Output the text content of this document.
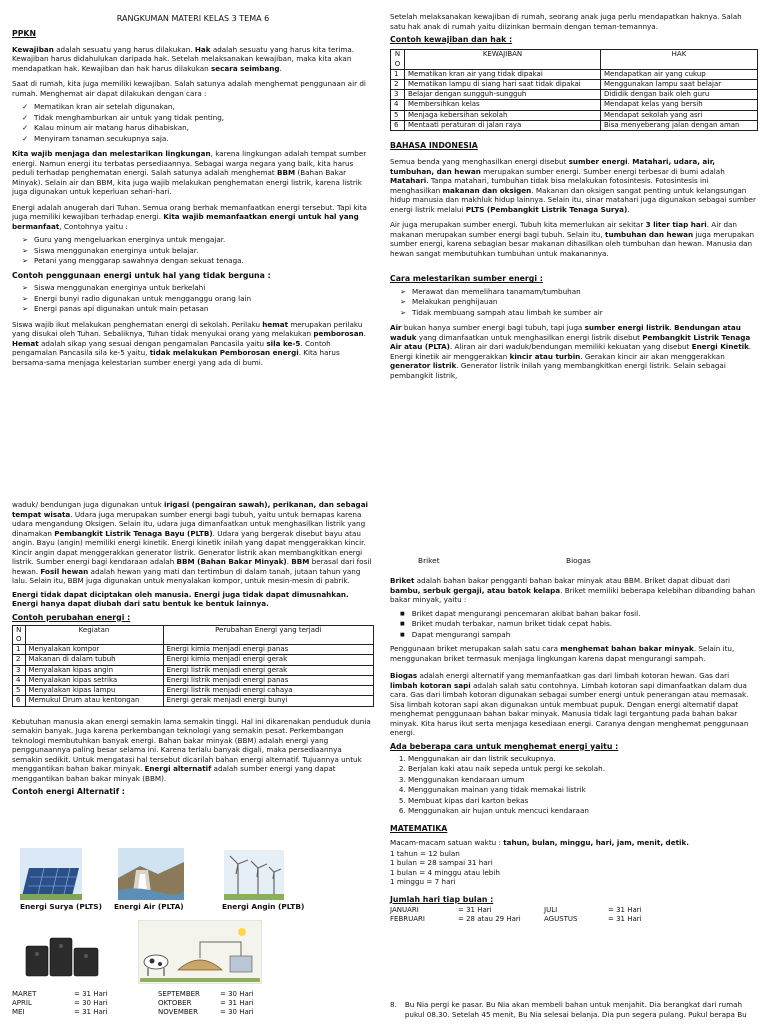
RANGKUMAN MATERI KELAS 3 TEMA 6
PPKN

Kewajiban adalah sesuatu yang harus dilakukan. Hak adalah sesuatu yang harus kita terima. Kewajiban harus didahulukan daripada hak. Setelah melaksanakan kewajiban, maka kita akan mendapatkan hak. Kewajiban dan hak harus dilakukan secara seimbang.

Saat di rumah, kita juga memiliki kewajiban. Salah satunya adalah menghemat penggunaan air di rumah. Menghemat air dapat dilakukan dengan cara :

✓ Mematikan kran air setelah digunakan,
✓ Tidak menghamburkan air untuk yang tidak penting,
✓ Kalau minum air matang harus dihabiskan,
✓ Menyiram tanaman secukupnya saja.

Kita wajib menjaga dan melestarikan lingkungan, karena lingkungan adalah tempat sumber energi. Namun energi itu terbatas persediaannya. Sebagai warga negara yang baik, kita harus peduli terhadap penghematan energi. Salah satunya adalah menghemat BBM (Bahan Bakar Minyak). Selain air dan BBM, kita juga wajib melakukan penghematan energi listrik, karena listrik juga digunakan untuk keperluan sehari-hari.

Energi adalah anugerah dari Tuhan. Semua orang berhak memanfaatkan energi tersebut. Tapi kita juga memiliki kewajiban terhadap energi. Kita wajib memanfaatkan energi untuk hal yang bermanfaat, Contohnya yaitu :

➢ Guru yang mengeluarkan energinya untuk mengajar.
➢ Siswa menggunakan energinya untuk belajar.
➢ Petani yang menggarap sawahnya dengan sekuat tenaga.
Contoh penggunaan energi untuk hal yang tidak berguna :
➢ Siswa menggunakan energinya untuk berkelahi
➢ Energi bunyi radio digunakan untuk mengganggu orang lain
➢ Energi panas api digunakan untuk main petasan

Siswa wajib ikut melakukan penghematan energi di sekolah. Perilaku hemat merupakan perilaku yang disukai oleh Tuhan. Sebaliknya, Tuhan tidak menyukai orang yang melakukan pemborosan. Hemat adalah sikap yang sesuai dengan pengamalan Pancasila yaitu sila ke-5. Contoh pengamalan Pancasila sila ke-5 yaitu, tidak melakukan Pemborosan energi. Kita harus bersama-sama menjaga kelestarian sumber energi yang ada di bumi.

Setelah melaksanakan kewajiban di rumah, seorang anak juga perlu mendapatkan haknya. Salah satu hak anak di rumah yaitu diizinkan bermain dengan teman-temannya.

Contoh kewajiban dan hak :
N O	KEWAJIBAN	HAK
1	Mematikan kran air yang tidak dipakai	Mendapatkan air yang cukup
2	Mematikan lampu di siang hari saat tidak dipakai	Menggunakan lampu saat belajar
3	Belajar dengan sungguh-sungguh	Dididik dengan baik oleh guru
4	Membersihkan kelas	Mendapat kelas yang bersih
5	Menjaga kebersihan sekolah	Mendapat sekolah yang asri
6	Mentaati peraturan di jalan raya	Bisa menyeberang jalan dengan aman
BAHASA INDONESIA

Semua benda yang menghasilkan energi disebut sumber energi. Matahari, udara, air, tumbuhan, dan hewan merupakan sumber energi. Sumber energi terbesar di bumi adalah Matahari. Tanpa matahari, tumbuhan tidak bisa melakukan fotosintesis. Fotosintesis ini menghasilkan makanan dan oksigen. Makanan dan oksigen sangat penting untuk kelangsungan hidup manusia dan makhluk hidup lainnya. Selain itu, sinar matahari juga digunakan sebagai sumber energi listrik melalui PLTS (Pembangkit Listrik Tenaga Surya).

Air juga merupakan sumber energi. Tubuh kita memerlukan air sekitar 3 liter tiap hari. Air dan makanan merupakan sumber energi bagi tubuh. Selain itu, tumbuhan dan hewan juga merupakan sumber energi, karena sebagian besar makanan dihasilkan oleh tumbuhan dan hewan. Manusia dan hewan sangat membutuhkan tumbuhan untuk makanannya.

Cara melestarikan sumber energi :
➢ Merawat dan memelihara tanamam/tumbuhan
➢ Melakukan penghijauan
➢ Tidak membuang sampah atau limbah ke sumber air

Air bukan hanya sumber energi bagi tubuh, tapi juga sumber energi listrik. Bendungan atau waduk yang dimanfaatkan untuk menghasilkan energi listrik disebut Pembangkit Listrik Tenaga Air atau (PLTA). Aliran air dari waduk/bendungan memiliki kekuatan yang disebut Energi Kinetik. Energi kinetik air menggerakkan kincir atau turbin. Gerakan kincir air akan menggerakkan generator listrik. Generator listrik inilah yang membangkitkan energi listrik. Selain sebagai pembangkit listrik,

waduk/ bendungan juga digunakan untuk irigasi (pengairan sawah), perikanan, dan sebagai tempat wisata. Udara juga merupakan sumber energi bagi tubuh, yaitu untuk bernapas karena udara mengandung Oksigen. Selain itu, udara juga dimanfaatkan untuk menghasilkan listrik yang dinamakan Pembangkit Listrik Tenaga Bayu (PLTB). Udara yang bergerak disebut bayu atau angin. Bayu (angin) memiliki energi kinetik. Energi kinetik inilah yang dapat menggerakkan kincir. Kincir angin dapat menggerakkan generator listrik. Generator listrik akan membangkitkan energi listrik. Sumber energi bagi kendaraan adalah BBM (Bahan Bakar Minyak). BBM berasal dari fosil hewan. Fosil hewan adalah hewan yang mati dan tertimbun di dalam tanah, jutaan tahun yang lalu. Selain itu, BBM juga digunakan untuk menyalakan kompor, untuk mesin-mesin di pabrik.

Energi tidak dapat diciptakan oleh manusia. Energi juga tidak dapat dimusnahkan. Energi hanya dapat diubah dari satu bentuk ke bentuk lainnya.

Contoh perubahan energi :
N O	Kegiatan	Perubahan Energi yang terjadi
1	Menyalakan kompor	Energi kimia menjadi energi panas
2	Makanan di dalam tubuh	Energi kimia menjadi energi gerak
3	Menyalakan kipas angin	Energi listrik menjadi energi gerak
4	Menyalakan kipas setrika	Energi listrik menjadi energi panas
5	Menyalakan kipas lampu	Energi listrik menjadi energi cahaya
6	Memukul Drum atau kentongan	Energi gerak menjadi energi bunyi

Kebutuhan manusia akan energi semakin lama semakin tinggi. Hal ini dikarenakan penduduk dunia semakin banyak. Juga karena perkembangan teknologi yang semakin pesat. Perkembangan teknologi membutuhkan banyak energi. Bahan bakar minyak (BBM) adalah energi yang penggunaannya paling besar selama ini. Karena terlalu banyak digali, maka persediaannya semakin sedikit. Untuk mengatasi hal tersebut dicarilah bahan energi alternatif. Tujuannya untuk menggantikan bahan bakar minyak. Energi alternatif adalah sumber energi yang dapat menggantikan bahan bakar minyak (BBM).

Contoh energi Alternatif :
Energi Surya (PLTS) Energi Air (PLTA)	Energi Angin (PLTB)
MARET	= 31 Hari
APRIL	= 30 Hari
MEI	= 31 Hari
SEPTEMBER	= 30 Hari
OKTOBER	= 31 Hari
NOVEMBER	= 30 Hari
Briket	Biogas

Briket adalah bahan bakar pengganti bahan bakar minyak atau BBM. Briket dapat dibuat dari bambu, serbuk gergaji, atau batok kelapa. Briket memiliki beberapa kelebihan dibanding bahan bakar minyak, yaitu :

■ Briket dapat mengurangi pencemaran akibat bahan bakar fosil.
■ Briket mudah terbakar, namun briket tidak cepat habis.
■ Dapat mengurangi sampah

Penggunaan briket merupakan salah satu cara menghemat bahan bakar minyak. Selain itu, menggunakan briket termasuk menjaga lingkungan karena dapat mengurangi sampah.

Biogas adalah energi alternatif yang memanfaatkan gas dari limbah kotoran hewan. Gas dari limbah kotoran sapi adalah salah satu contohnya. Limbah kotoran sapi dimanfaatkan dalam dua cara. Gas dari limbah kotoran digunakan sebagai sumber energi untuk penerangan atau memasak. Sisa limbah kotoran sapi akan digunakan untuk membuat pupuk. Dengan energi alternatif dapat menghemat penggunaan bahan bakar minyak. Manusia tidak lagi tergantung pada bahan bakar minyak. Kita harus ikut serta menjaga kesediaan energi. Caranya dengan menghemat penggunaan energi.

Ada beberapa cara untuk menghemat energi yaitu :
1. Menggunakan air dan listrik secukupnya.
2. Berjalan kaki atau naik sepeda untuk pergi ke sekolah.
3. Menggunakan kendaraan umum
4. Menggunakan mainan yang tidak memakai listrik
5. Membuat kipas dari karton bekas
6. Menggunakan air hujan untuk mencuci kendaraan
MATEMATIKA

Macam-macam satuan waktu : tahun, bulan, minggu, hari, jam, menit, detik.

1 tahun = 12 bulan
1 bulan = 28 sampai 31 hari
1 bulan = 4 minggu atau lebih
1 minggu = 7 hari
Jumlah hari tiap bulan :
JANUARI	= 31 Hari	JULI	= 31 Hari
FEBRUARI	= 28 atau 29 Hari	AGUSTUS	= 31 Hari
8. Bu Nia pergi ke pasar. Bu Nia akan membeli bahan untuk menjahit. Dia berangkat dari rumah pukul 08.30. Setelah 45 menit, Bu Nia selesai belanja. Dia pun segera pulang. Pukul berapa Bu
